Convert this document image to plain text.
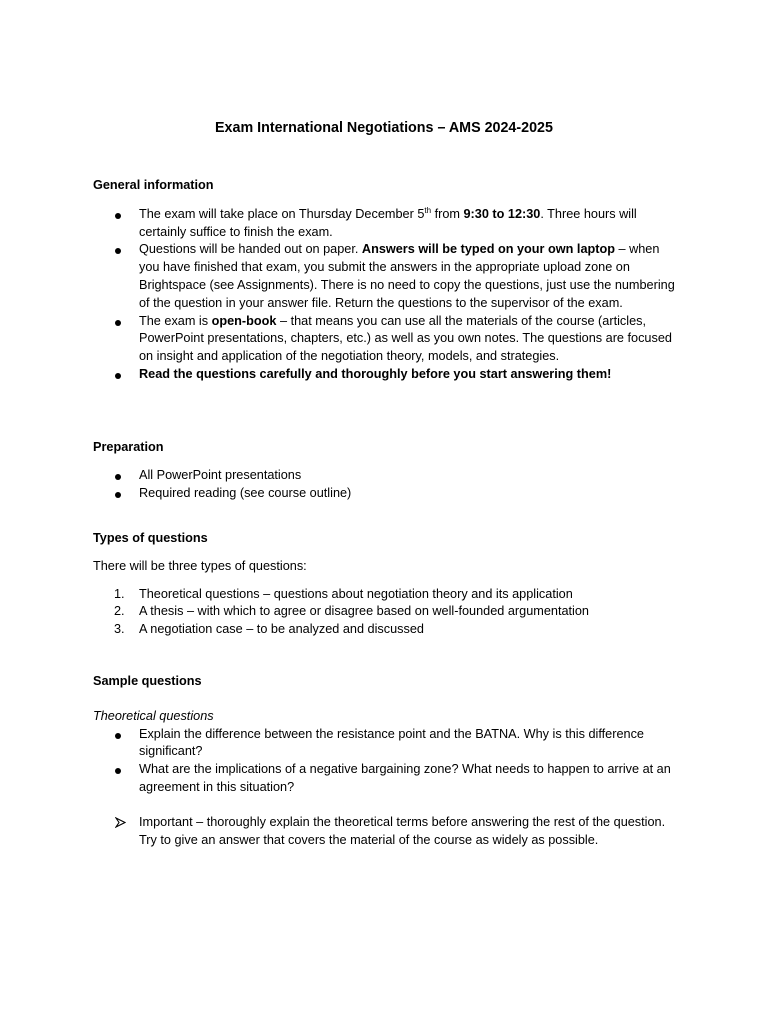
Exam International Negotiations – AMS 2024-2025

General information

The exam will take place on Thursday December 5th from 9:30 to 12:30. Three hours will certainly suffice to finish the exam.
Questions will be handed out on paper. Answers will be typed on your own laptop – when you have finished that exam, you submit the answers in the appropriate upload zone on Brightspace (see Assignments). There is no need to copy the questions, just use the numbering of the question in your answer file. Return the questions to the supervisor of the exam.
The exam is open-book – that means you can use all the materials of the course (articles, PowerPoint presentations, chapters, etc.) as well as you own notes. The questions are focused on insight and application of the negotiation theory, models, and strategies.
Read the questions carefully and thoroughly before you start answering them!

Preparation

All PowerPoint presentations
Required reading (see course outline)

Types of questions

There will be three types of questions:

1. Theoretical questions – questions about negotiation theory and its application
2. A thesis – with which to agree or disagree based on well-founded argumentation
3. A negotiation case – to be analyzed and discussed

Sample questions

Theoretical questions

Explain the difference between the resistance point and the BATNA. Why is this difference significant?
What are the implications of a negative bargaining zone? What needs to happen to arrive at an agreement in this situation?
Important – thoroughly explain the theoretical terms before answering the rest of the question. Try to give an answer that covers the material of the course as widely as possible.
